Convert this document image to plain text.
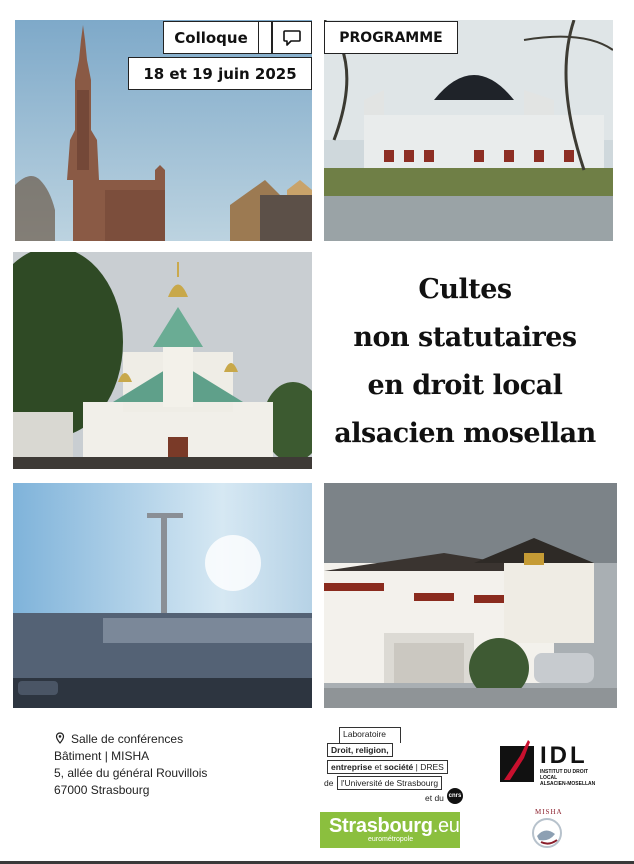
Colloque
18 et 19 juin 2025
PROGRAMME
Cultes
non statutaires
en droit local
alsacien mosellan
Salle de conférences
Bâtiment | MISHA
5, allée du général Rouvillois
67000 Strasbourg
Laboratoire
Droit, religion,
entreprise et société | DRES
de l'Université de Strasbourg
et du cnrs
IDL
INSTITUT DU DROIT LOCAL
ALSACIEN-MOSELLAN
Strasbourg.eu
eurométropole
MISHA
